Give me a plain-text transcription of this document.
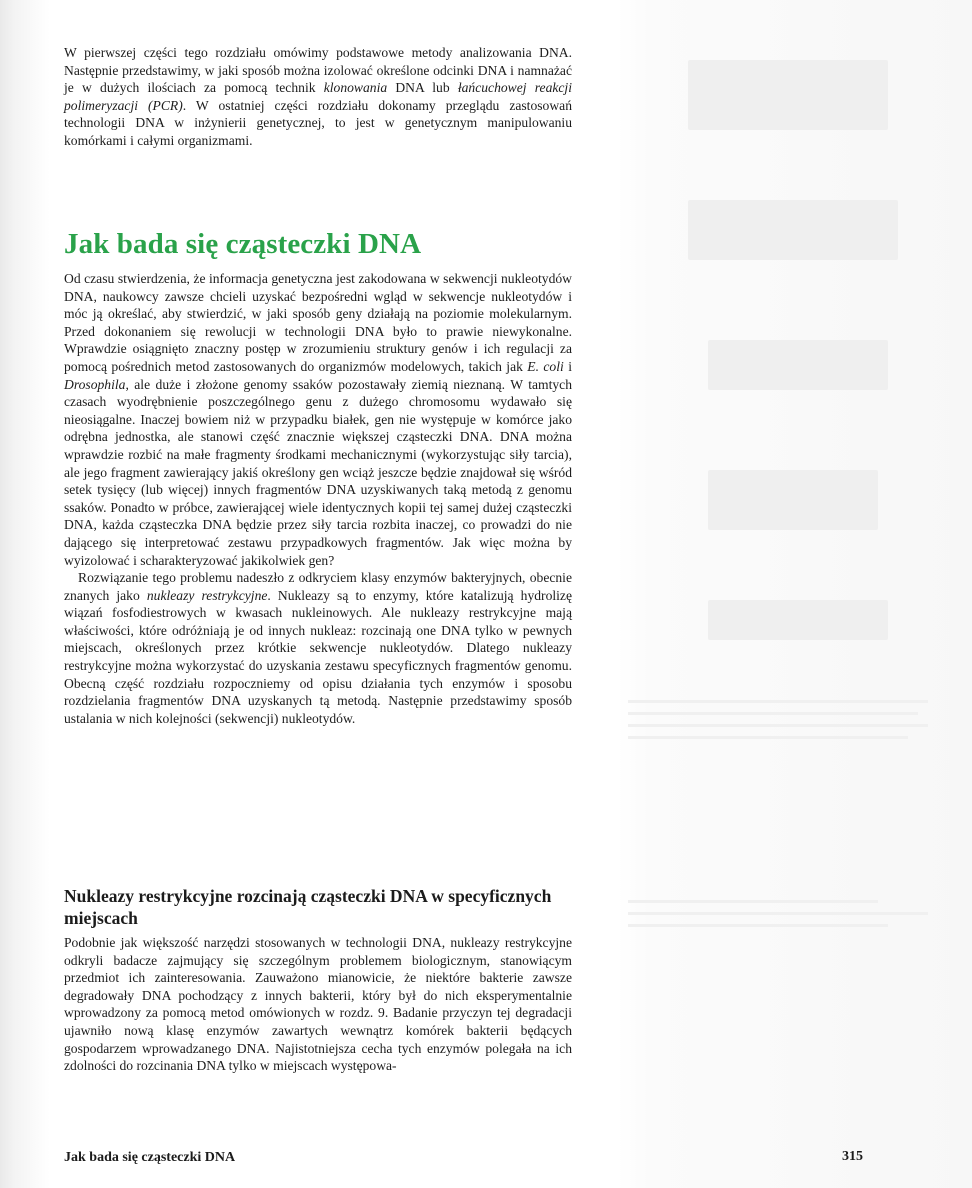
W pierwszej części tego rozdziału omówimy podstawowe metody analizowania DNA. Następnie przedstawimy, w jaki sposób można izolować określone odcinki DNA i namnażać je w dużych ilościach za pomocą technik klonowania DNA lub łańcuchowej reakcji polimeryzacji (PCR). W ostatniej części rozdziału dokonamy przeglądu zastosowań technologii DNA w inżynierii genetycznej, to jest w genetycznym manipulowaniu komórkami i całymi organizmami.

Jak bada się cząsteczki DNA

Od czasu stwierdzenia, że informacja genetyczna jest zakodowana w sekwencji nukleotydów DNA, naukowcy zawsze chcieli uzyskać bezpośredni wgląd w sekwencje nukleotydów i móc ją określać, aby stwierdzić, w jaki sposób geny działają na poziomie molekularnym. Przed dokonaniem się rewolucji w technologii DNA było to prawie niewykonalne. Wprawdzie osiągnięto znaczny postęp w zrozumieniu struktury genów i ich regulacji za pomocą pośrednich metod zastosowanych do organizmów modelowych, takich jak E. coli i Drosophila, ale duże i złożone genomy ssaków pozostawały ziemią nieznaną. W tamtych czasach wyodrębnienie poszczególnego genu z dużego chromosomu wydawało się nieosiągalne. Inaczej bowiem niż w przypadku białek, gen nie występuje w komórce jako odrębna jednostka, ale stanowi część znacznie większej cząsteczki DNA. DNA można wprawdzie rozbić na małe fragmenty środkami mechanicznymi (wykorzystując siły tarcia), ale jego fragment zawierający jakiś określony gen wciąż jeszcze będzie znajdował się wśród setek tysięcy (lub więcej) innych fragmentów DNA uzyskiwanych taką metodą z genomu ssaków. Ponadto w próbce, zawierającej wiele identycznych kopii tej samej dużej cząsteczki DNA, każda cząsteczka DNA będzie przez siły tarcia rozbita inaczej, co prowadzi do nie dającego się interpretować zestawu przypadkowych fragmentów. Jak więc można by wyizolować i scharakteryzować jakikolwiek gen?

Rozwiązanie tego problemu nadeszło z odkryciem klasy enzymów bakteryjnych, obecnie znanych jako nukleazy restrykcyjne. Nukleazy są to enzymy, które katalizują hydrolizę wiązań fosfodiestrowych w kwasach nukleinowych. Ale nukleazy restrykcyjne mają właściwości, które odróżniają je od innych nukleaz: rozcinają one DNA tylko w pewnych miejscach, określonych przez krótkie sekwencje nukleotydów. Dlatego nukleazy restrykcyjne można wykorzystać do uzyskania zestawu specyficznych fragmentów genomu. Obecną część rozdziału rozpoczniemy od opisu działania tych enzymów i sposobu rozdzielania fragmentów DNA uzyskanych tą metodą. Następnie przedstawimy sposób ustalania w nich kolejności (sekwencji) nukleotydów.

Nukleazy restrykcyjne rozcinają cząsteczki DNA w specyficznych miejscach

Podobnie jak większość narzędzi stosowanych w technologii DNA, nukleazy restrykcyjne odkryli badacze zajmujący się szczególnym problemem biologicznym, stanowiącym przedmiot ich zainteresowania. Zauważono mianowicie, że niektóre bakterie zawsze degradowały DNA pochodzący z innych bakterii, który był do nich eksperymentalnie wprowadzony za pomocą metod omówionych w rozdz. 9. Badanie przyczyn tej degradacji ujawniło nową klasę enzymów zawartych wewnątrz komórek bakterii będących gospodarzem wprowadzanego DNA. Najistotniejsza cecha tych enzymów polegała na ich zdolności do rozcinania DNA tylko w miejscach występowa-

Jak bada się cząsteczki DNA	315
